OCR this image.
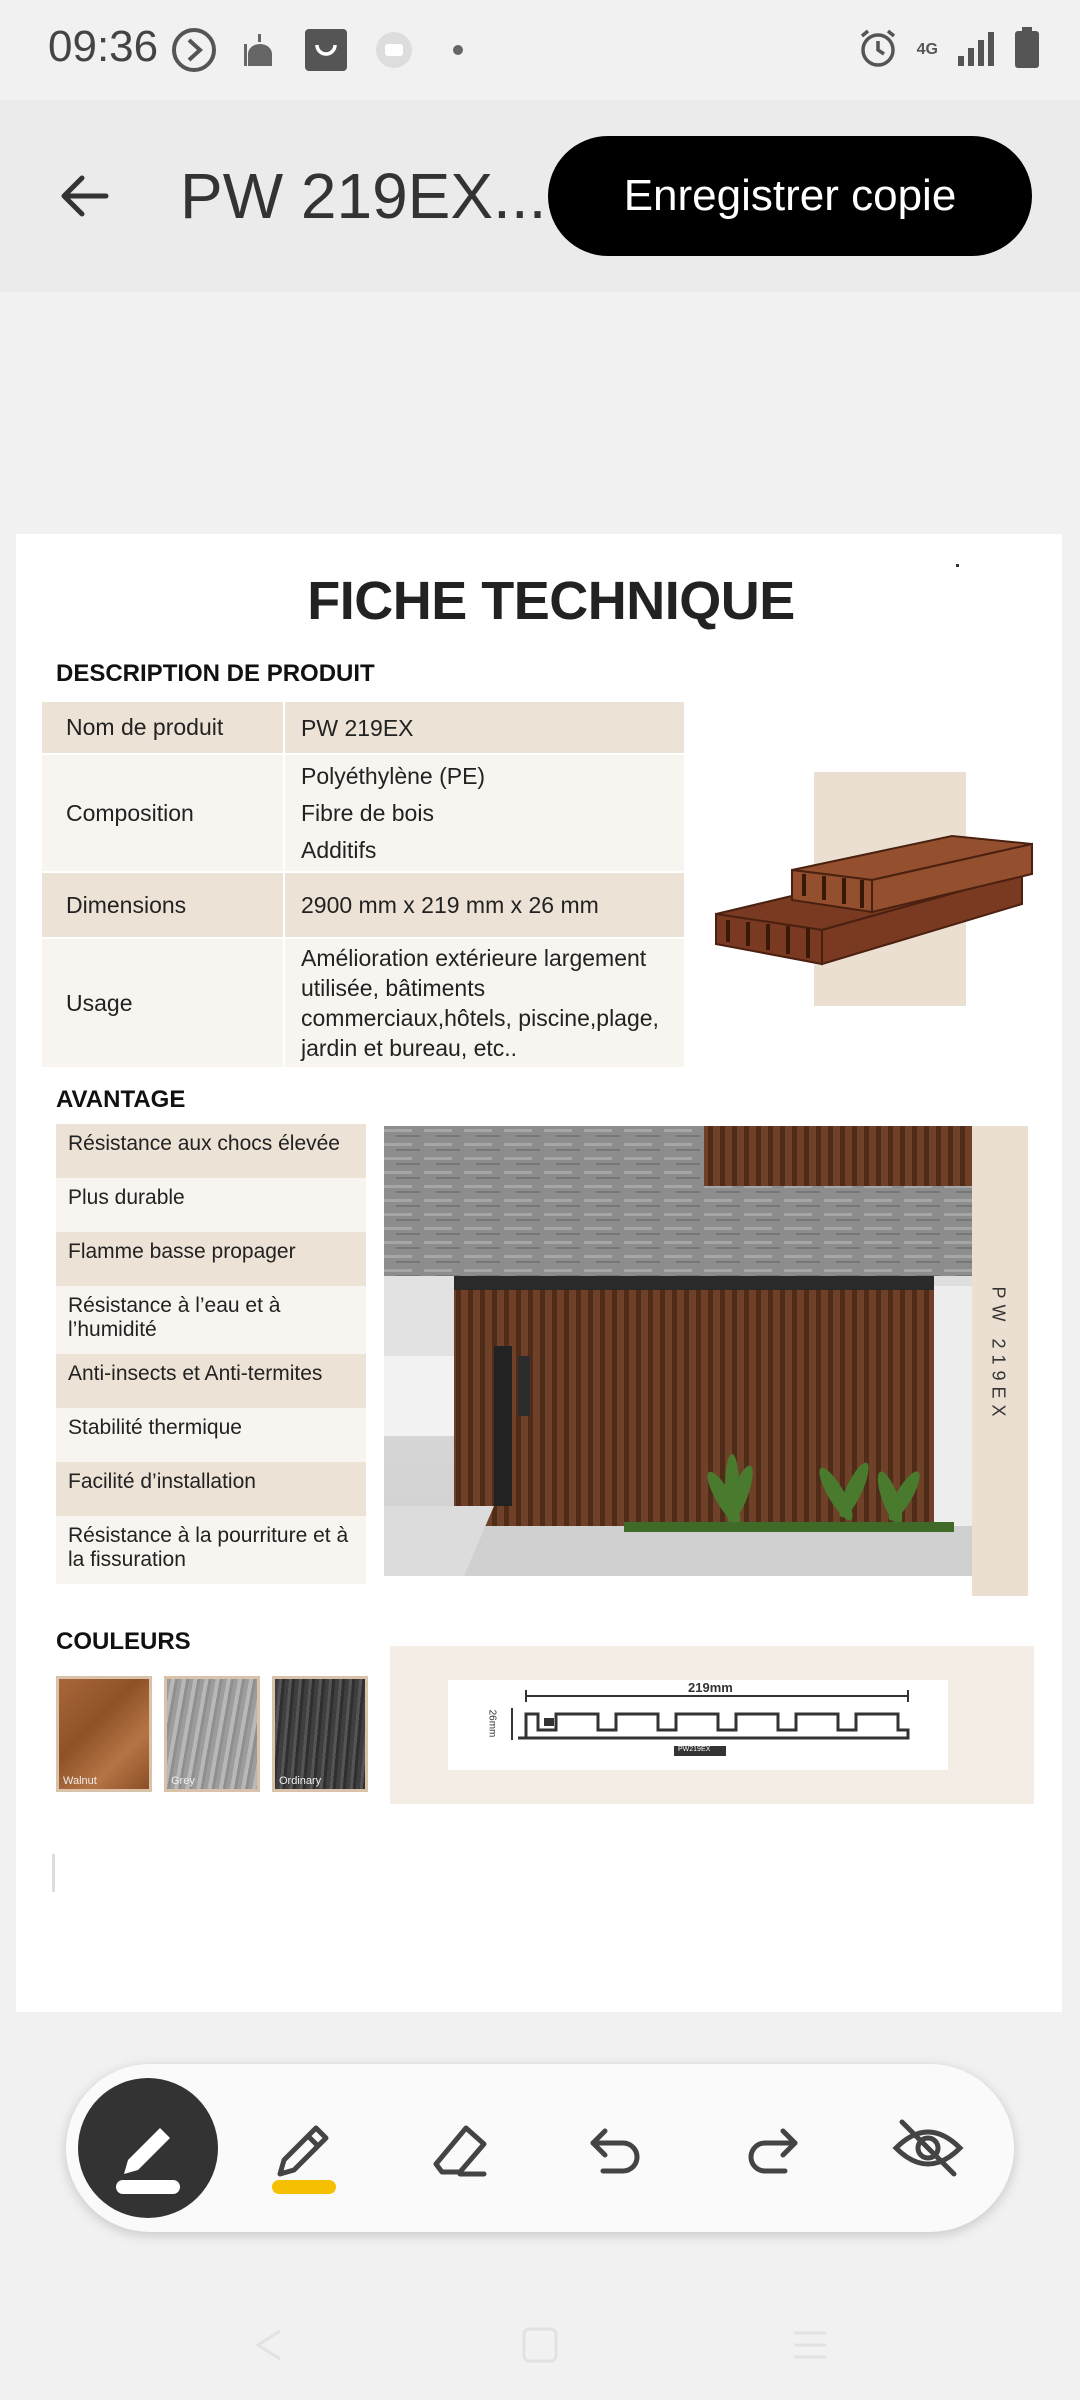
09:36	4G
PW 219EX...	Enregistrer copie
FICHE TECHNIQUE
DESCRIPTION DE PRODUIT
Nom de produit	PW 219EX
Composition	Polyéthylène (PE)
Fibre de bois
Additifs

Dimensions	2900 mm x 219 mm x 26 mm
Usage	Amélioration extérieure largement
utilisée, bâtiments
commerciaux,hôtels, piscine,plage,
jardin et bureau, etc..
AVANTAGE
Résistance aux chocs élevée
Plus durable
Flamme basse propager
Résistance à l’eau et à l’humidité
Anti-insects et Anti-termites
Stabilité thermique
Facilité d’installation
Résistance à la pourriture et à la fissuration
PW 219EX
COULEURS
Walnut	Grey	Ordinary
219mm
26mm
PW219EX
